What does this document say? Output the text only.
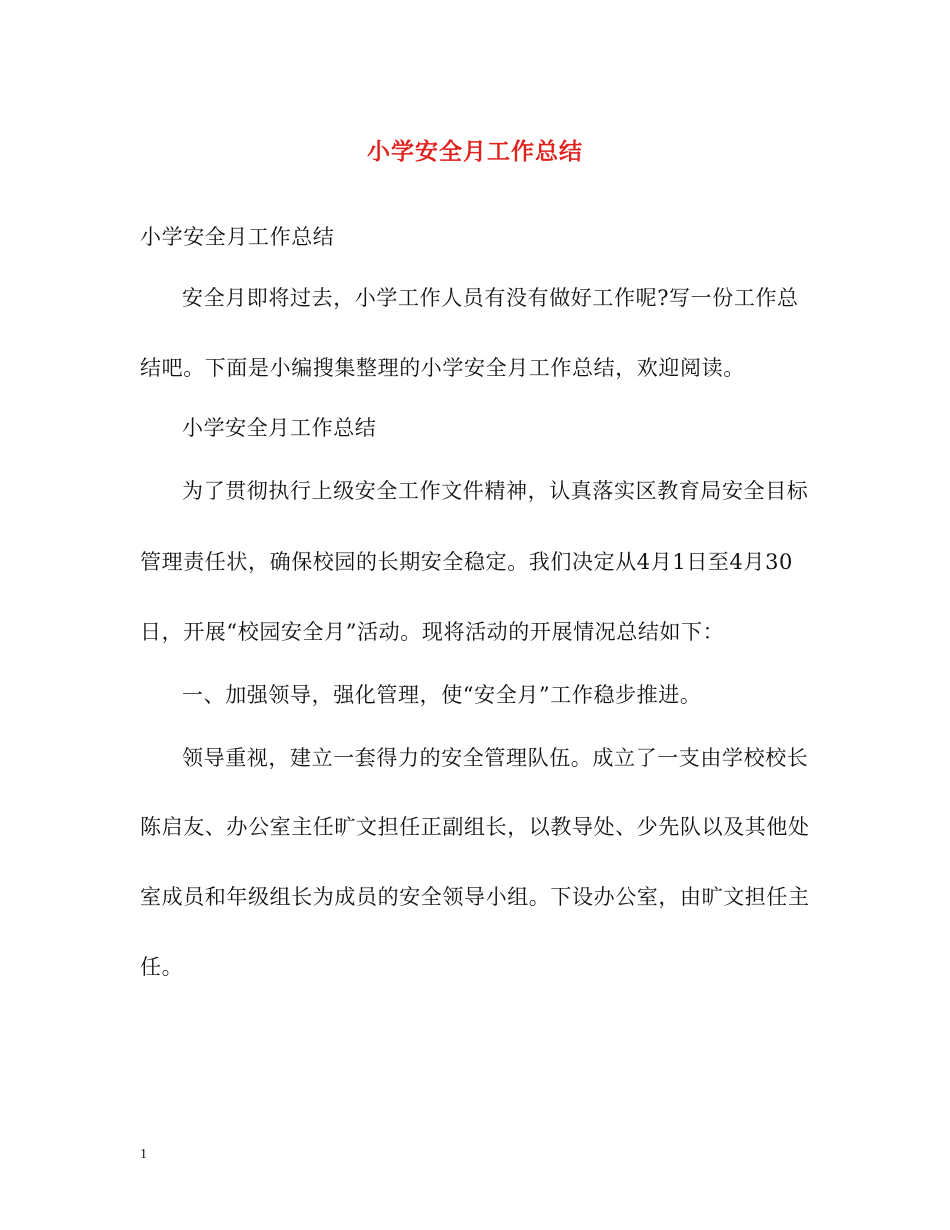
小学安全月工作总结
小学安全月工作总结
安全月即将过去，小学工作人员有没有做好工作呢?写一份工作总
结吧。下面是小编搜集整理的小学安全月工作总结，欢迎阅读。
小学安全月工作总结
为了贯彻执行上级安全工作文件精神，认真落实区教育局安全目标
管理责任状，确保校园的长期安全稳定。我们决定从4月1日至4月30
日，开展“校园安全月”活动。现将活动的开展情况总结如下：
一、加强领导，强化管理，使“安全月”工作稳步推进。
领导重视，建立一套得力的安全管理队伍。成立了一支由学校校长
陈启友、办公室主任旷文担任正副组长，以教导处、少先队以及其他处
室成员和年级组长为成员的安全领导小组。下设办公室，由旷文担任主
任。
1
